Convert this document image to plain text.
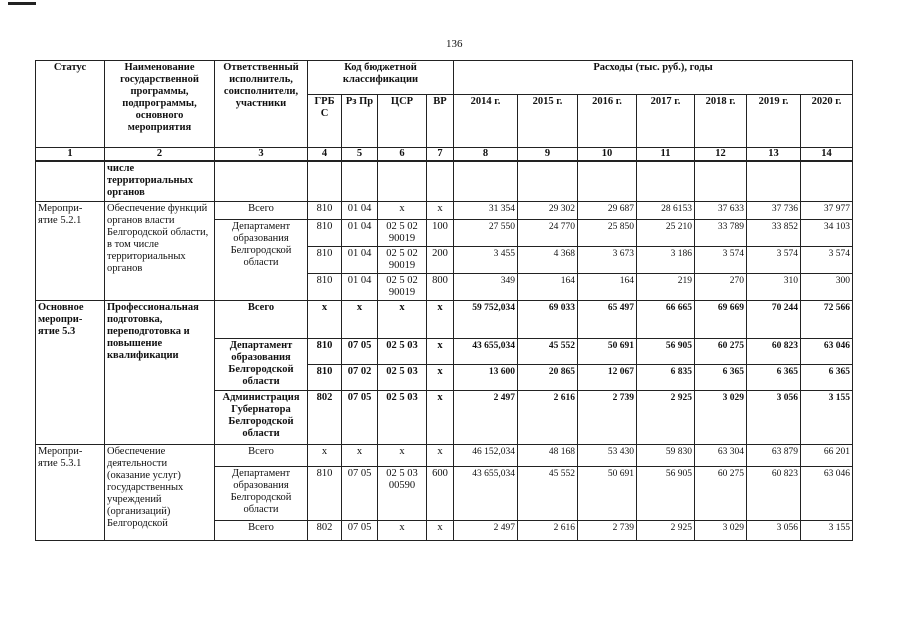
136
Статус	Наименование государственной программы, подпрограммы, основного мероприятия	Ответственный исполнитель, соисполнители, участники	Код бюджетной классификации				Расходы (тыс. руб.), годы						
			ГРБ С	Рз Пр	ЦСР	ВР	2014 г.	2015 г.	2016 г.	2017 г.	2018 г.	2019 г.	2020 г.
1	2	3	4	5	6	7	8	9	10	11	12	13	14
	числе территориальных органов												
Меропри-ятие 5.2.1	Обеспечение функций органов власти Белгородской области, в том числе территориальных органов	Всего	810	01 04	х	х	31 354	29 302	29 687	28 6153	37 633	37 736	37 977
		Департамент образования Белгородской области	810	01 04	02 5 02 90019	100	27 550	24 770	25 850	25 210	33 789	33 852	34 103
			810	01 04	02 5 02 90019	200	3 455	4 368	3 673	3 186	3 574	3 574	3 574
			810	01 04	02 5 02 90019	800	349	164	164	219	270	310	300
Основное меропри-ятие 5.3	Профессиональная подготовка, переподготовка и повышение квалификации	Всего	х	х	х	х	59 752,034	69 033	65 497	66 665	69 669	70 244	72 566
		Департамент образования Белгородской области	810	07 05	02 5 03	х	43 655,034	45 552	50 691	56 905	60 275	60 823	63 046
			810	07 02	02 5 03	х	13 600	20 865	12 067	6 835	6 365	6 365	6 365
		Администрация Губернатора Белгородской области	802	07 05	02 5 03	х	2 497	2 616	2 739	2 925	3 029	3 056	3 155
Меропри-ятие 5.3.1	Обеспечение деятельности (оказание услуг) государственных учреждений (организаций) Белгородской	Всего	х	х	х	х	46 152,034	48 168	53 430	59 830	63 304	63 879	66 201
		Департамент образования Белгородской области	810	07 05	02 5 03 00590	600	43 655,034	45 552	50 691	56 905	60 275	60 823	63 046
		Всего	802	07 05	х	х	2 497	2 616	2 739	2 925	3 029	3 056	3 155
